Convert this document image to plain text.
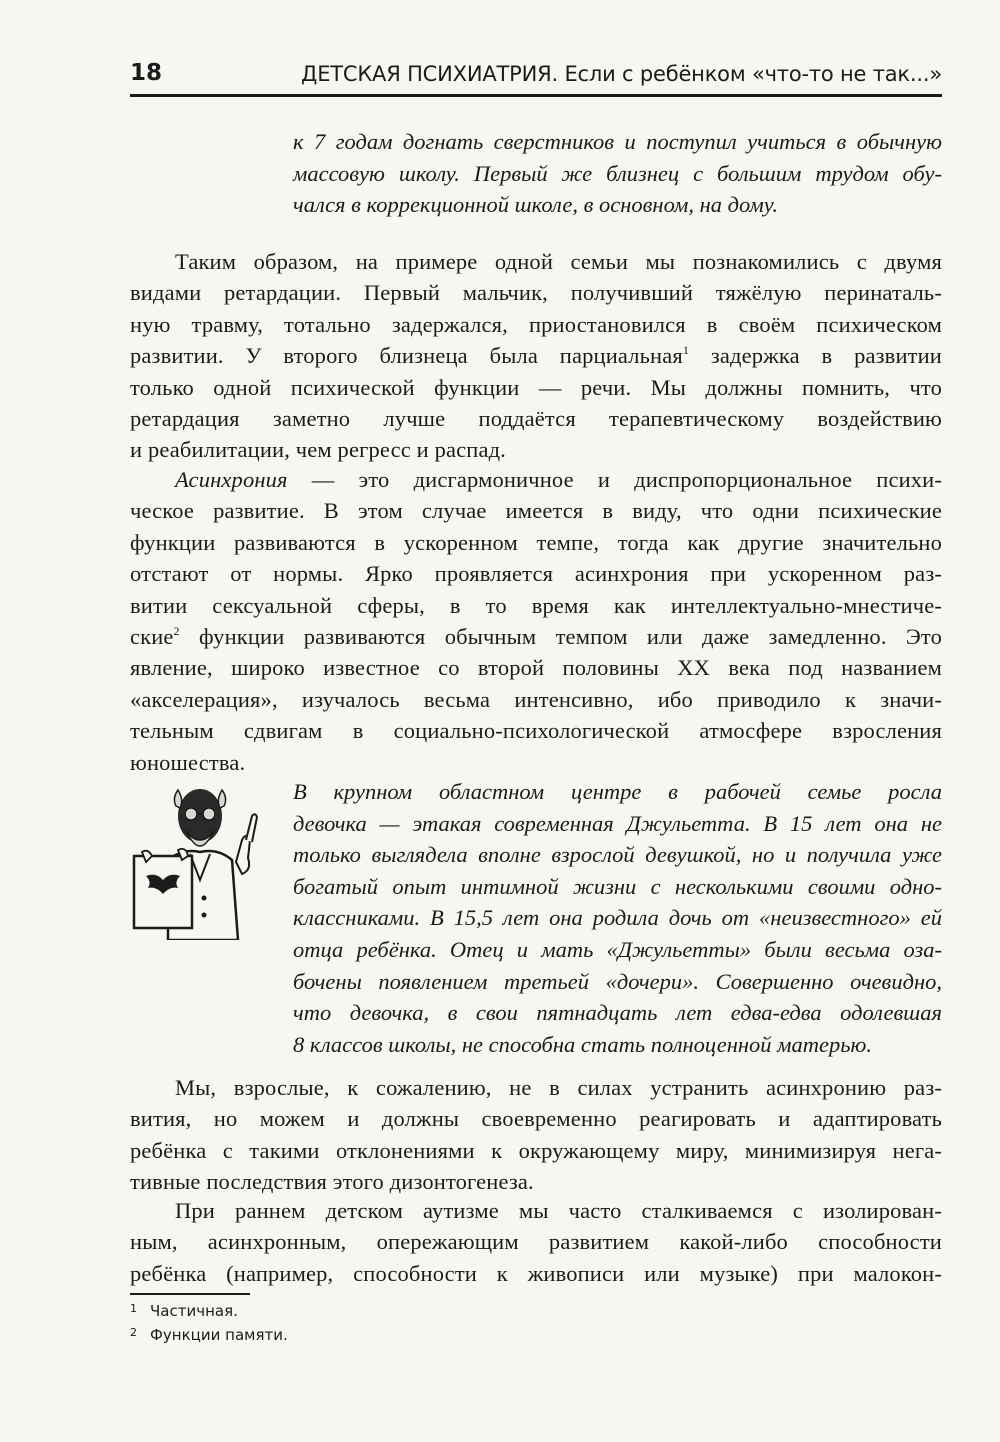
18	ДЕТСКАЯ ПСИХИАТРИЯ. Если с ребёнком «что-то не так...»
к 7 годам догнать сверстников и поступил учиться в обычную
массовую школу. Первый же близнец с большим трудом обу-
чался в коррекционной школе, в основном, на дому.
Таким образом, на примере одной семьи мы познакомились с двумя
видами ретардации. Первый мальчик, получивший тяжёлую перинаталь-
ную травму, тотально задержался, приостановился в своём психическом
развитии. У второго близнеца была парциальная$^1$ задержка в развитии
только одной психической функции — речи. Мы должны помнить, что
ретардация заметно лучше поддаётся терапевтическому воздействию
и реабилитации, чем регресс и распад.
Асинхрония — это дисгармоничное и диспропорциональное психи-
ческое развитие. В этом случае имеется в виду, что одни психические
функции развиваются в ускоренном темпе, тогда как другие значительно
отстают от нормы. Ярко проявляется асинхрония при ускоренном раз-
витии сексуальной сферы, в то время как интеллектуально-мнестиче-
ские$^2$ функции развиваются обычным темпом или даже замедленно. Это
явление, широко известное со второй половины XX века под названием
«акселерация», изучалось весьма интенсивно, ибо приводило к значи-
тельным сдвигам в социально-психологической атмосфере взросления
юношества.
В крупном областном центре в рабочей семье росла
девочка — этакая современная Джульетта. В 15 лет она не
только выглядела вполне взрослой девушкой, но и получила уже
богатый опыт интимной жизни с несколькими своими одно-
классниками. В 15,5 лет она родила дочь от «неизвестного» ей
отца ребёнка. Отец и мать «Джульетты» были весьма оза-
бочены появлением третьей «дочери». Совершенно очевидно,
что девочка, в свои пятнадцать лет едва-едва одолевшая
8 классов школы, не способна стать полноценной матерью.
Мы, взрослые, к сожалению, не в силах устранить асинхронию раз-
вития, но можем и должны своевременно реагировать и адаптировать
ребёнка с такими отклонениями к окружающему миру, минимизируя нега-
тивные последствия этого дизонтогенеза.
При раннем детском аутизме мы часто сталкиваемся с изолирован-
ным, асинхронным, опережающим развитием какой-либо способности
ребёнка (например, способности к живописи или музыке) при малокон-
1 Частичная.
2 Функции памяти.
